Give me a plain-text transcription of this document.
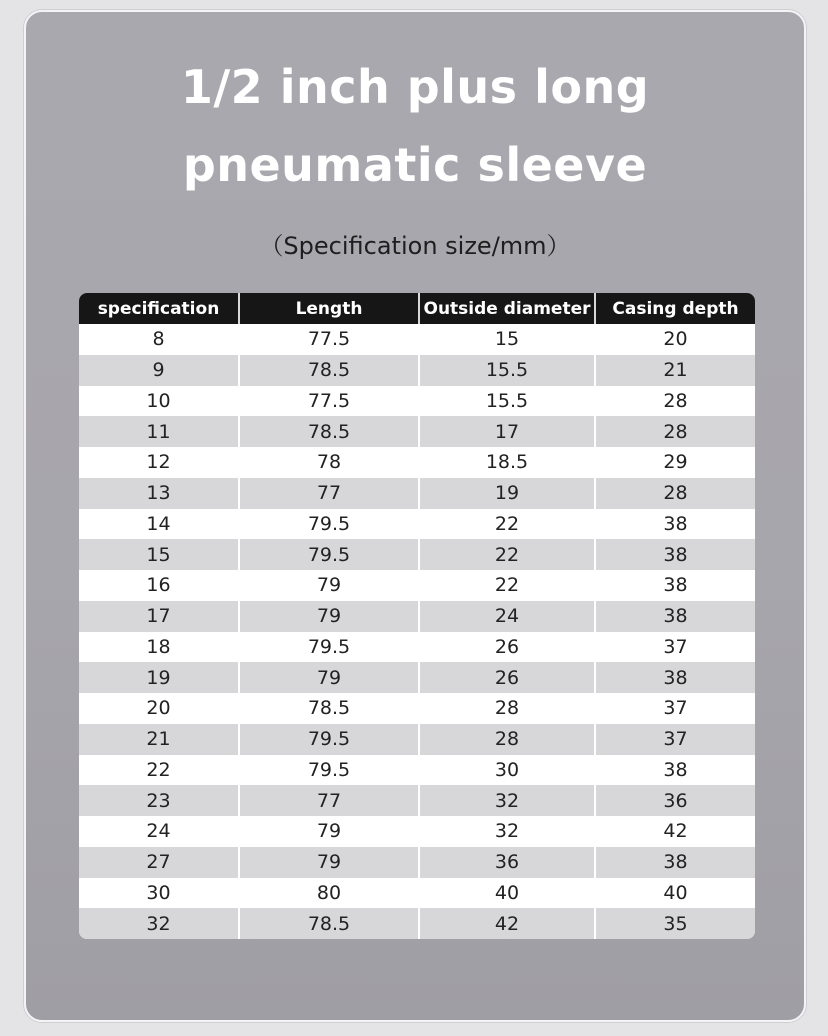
1/2 inch plus long
pneumatic sleeve
（Specification size/mm）
specification	Length	Outside diameter	Casing depth
8	77.5	15	20
9	78.5	15.5	21
10	77.5	15.5	28
11	78.5	17	28
12	78	18.5	29
13	77	19	28
14	79.5	22	38
15	79.5	22	38
16	79	22	38
17	79	24	38
18	79.5	26	37
19	79	26	38
20	78.5	28	37
21	79.5	28	37
22	79.5	30	38
23	77	32	36
24	79	32	42
27	79	36	38
30	80	40	40
32	78.5	42	35
